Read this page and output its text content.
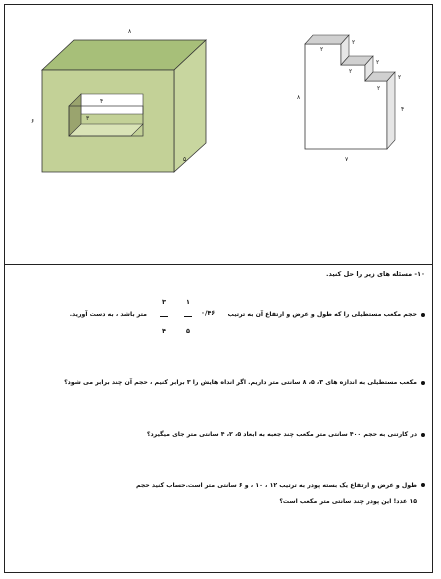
۸
۶
۵
۴
۳
۲
۲
۲
۲
۲
۲
۸
۴
۷
۱۰- مسئله های زیر را حل کنید.
حجم مکعب مستطیلی را که طول و عرض و ارتفاع آن به ترتیب
۰/۴۶
۱
۵
۳
۴
متر باشد ، به دست آورید.
مکعب مستطیلی به اندازه های ۳، ۵، ۸ سانتی متر داریم. اگر انداه هایش را ۳ برابر کنیم ، حجم آن چند برابر می شود؟
در کارتنی به حجم ۴۰۰ سانتی متر مکعب چند جعبه به ابعاد ۵، ۲، ۴ سانتی متر جای میگیرد؟
طول و عرض و ارتفاع یک بسته پودر به ترتیب ۱۲ ، ۱۰ ، و ۶ سانتی متر است.حساب کنید حجم ۱۵ عدد! این پودر چند سانتی متر مکعب است؟
